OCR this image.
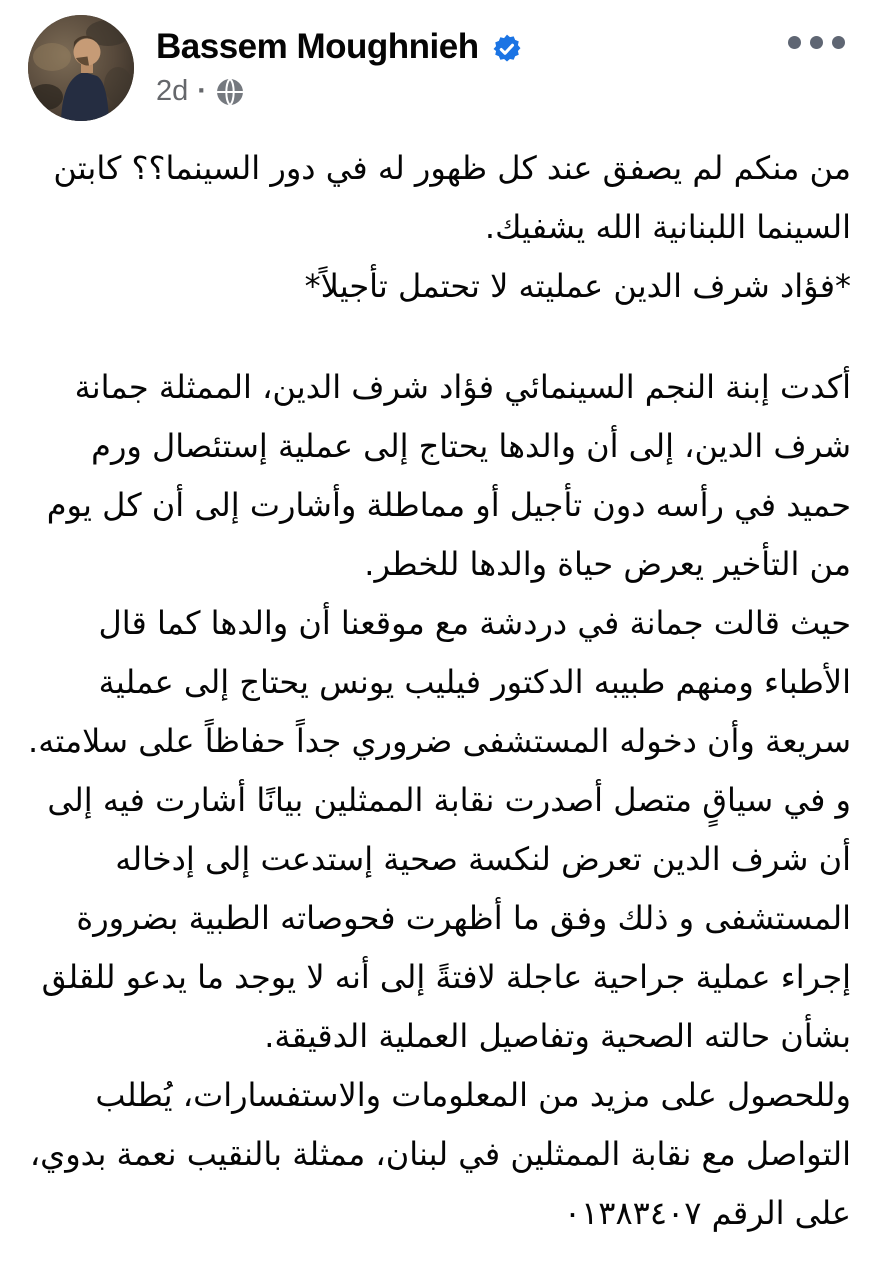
Bassem Moughnieh
2d ·

من منكم لم يصفق عند كل ظهور له في دور السينما؟؟ كابتن السينما اللبنانية الله يشفيك.

*فؤاد شرف الدين عمليته لا تحتمل تأجيلاً*

أكدت إبنة النجم السينمائي فؤاد شرف الدين، الممثلة جمانة شرف الدين، إلى أن والدها يحتاج إلى عملية إستئصال ورم حميد في رأسه دون تأجيل أو مماطلة وأشارت إلى أن كل يوم من التأخير يعرض حياة والدها للخطر.

حيث قالت جمانة في دردشة مع موقعنا أن والدها كما قال الأطباء ومنهم طبيبه الدكتور فيليب يونس يحتاج إلى عملية سريعة وأن دخوله المستشفى ضروري جداً حفاظاً على سلامته.

و في سياقٍ متصل أصدرت نقابة الممثلين بيانًا أشارت فيه إلى أن شرف الدين تعرض لنكسة صحية إستدعت إلى إدخاله المستشفى و ذلك وفق ما أظهرت فحوصاته الطبية بضرورة إجراء عملية جراحية عاجلة لافتةً إلى أنه لا يوجد ما يدعو للقلق بشأن حالته الصحية وتفاصيل العملية الدقيقة.

وللحصول على مزيد من المعلومات والاستفسارات، يُطلب التواصل مع نقابة الممثلين في لبنان، ممثلة بالنقيب نعمة بدوي، على الرقم ٠١٣٨٣٤٠٧
